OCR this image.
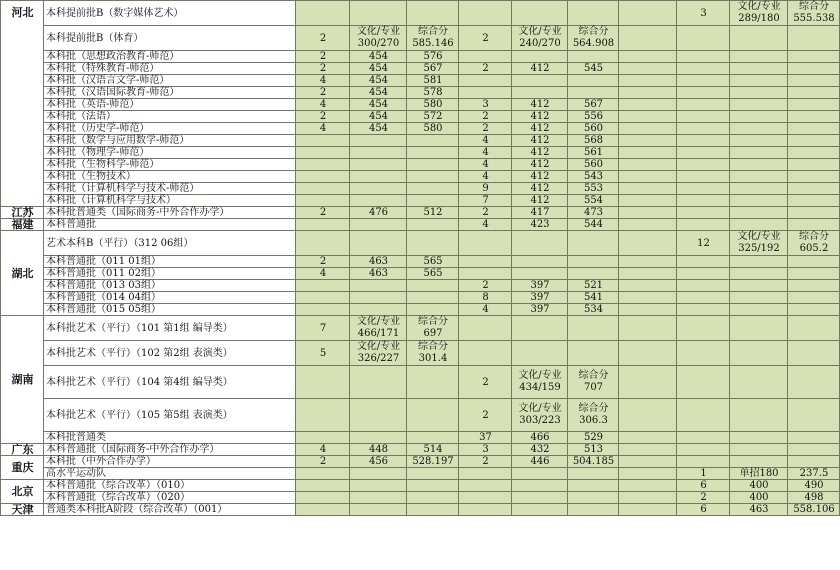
河北	本科提前批B（数字媒体艺术）								3	文化/专业 289/180	综合分 555.538
	本科提前批B（体育）	2	文化/专业 300/270	综合分 585.146	2	文化/专业 240/270	综合分 564.908				
	本科批（思想政治教育-师范）	2	454	576							
	本科批（特殊教育-师范）	2	454	567	2	412	545				
	本科批（汉语言文学-师范）	4	454	581							
	本科批（汉语国际教育-师范）	2	454	578							
	本科批（英语-师范）	4	454	580	3	412	567				
	本科批（法语）	2	454	572	2	412	556				
	本科批（历史学-师范）	4	454	580	2	412	560				
	本科批（数学与应用数学-师范）				4	412	568				
	本科批（物理学-师范）				4	412	561				
	本科批（生物科学-师范）				4	412	560				
	本科批（生物技术）				4	412	543				
	本科批（计算机科学与技术-师范）				9	412	553				
	本科批（计算机科学与技术）				7	412	554				
江苏	本科批普通类（国际商务-中外合作办学）	2	476	512	2	417	473				
福建	本科普通批				4	423	544				
湖北	艺术本科B（平行）（312 06组）								12	文化/专业 325/192	综合分 605.2
	本科普通批（011 01组）	2	463	565							
	本科普通批（011 02组）	4	463	565							
	本科普通批（013 03组）				2	397	521				
	本科普通批（014 04组）				8	397	541				
	本科普通批（015 05组）				4	397	534				
湖南	本科批艺术（平行）（101 第1组 编导类）	7	文化/专业 466/171	综合分 697							
	本科批艺术（平行）（102 第2组 表演类）	5	文化/专业 326/227	综合分 301.4							
	本科批艺术（平行）（104 第4组 编导类）				2	文化/专业 434/159	综合分 707				
	本科批艺术（平行）（105 第5组 表演类）				2	文化/专业 303/223	综合分 306.3				
	本科批普通类				37	466	529				
广东	本科普通批（国际商务-中外合作办学）	4	448	514	3	432	513				
重庆	本科批（中外合作办学）	2	456	528.197	2	446	504.185				
	高水平运动队								1	单招180	237.5
北京	本科普通批（综合改革）（010）								6	400	490
	本科普通批（综合改革）（020）								2	400	498
天津	普通类本科批A阶段（综合改革）（001）								6	463	558.106
